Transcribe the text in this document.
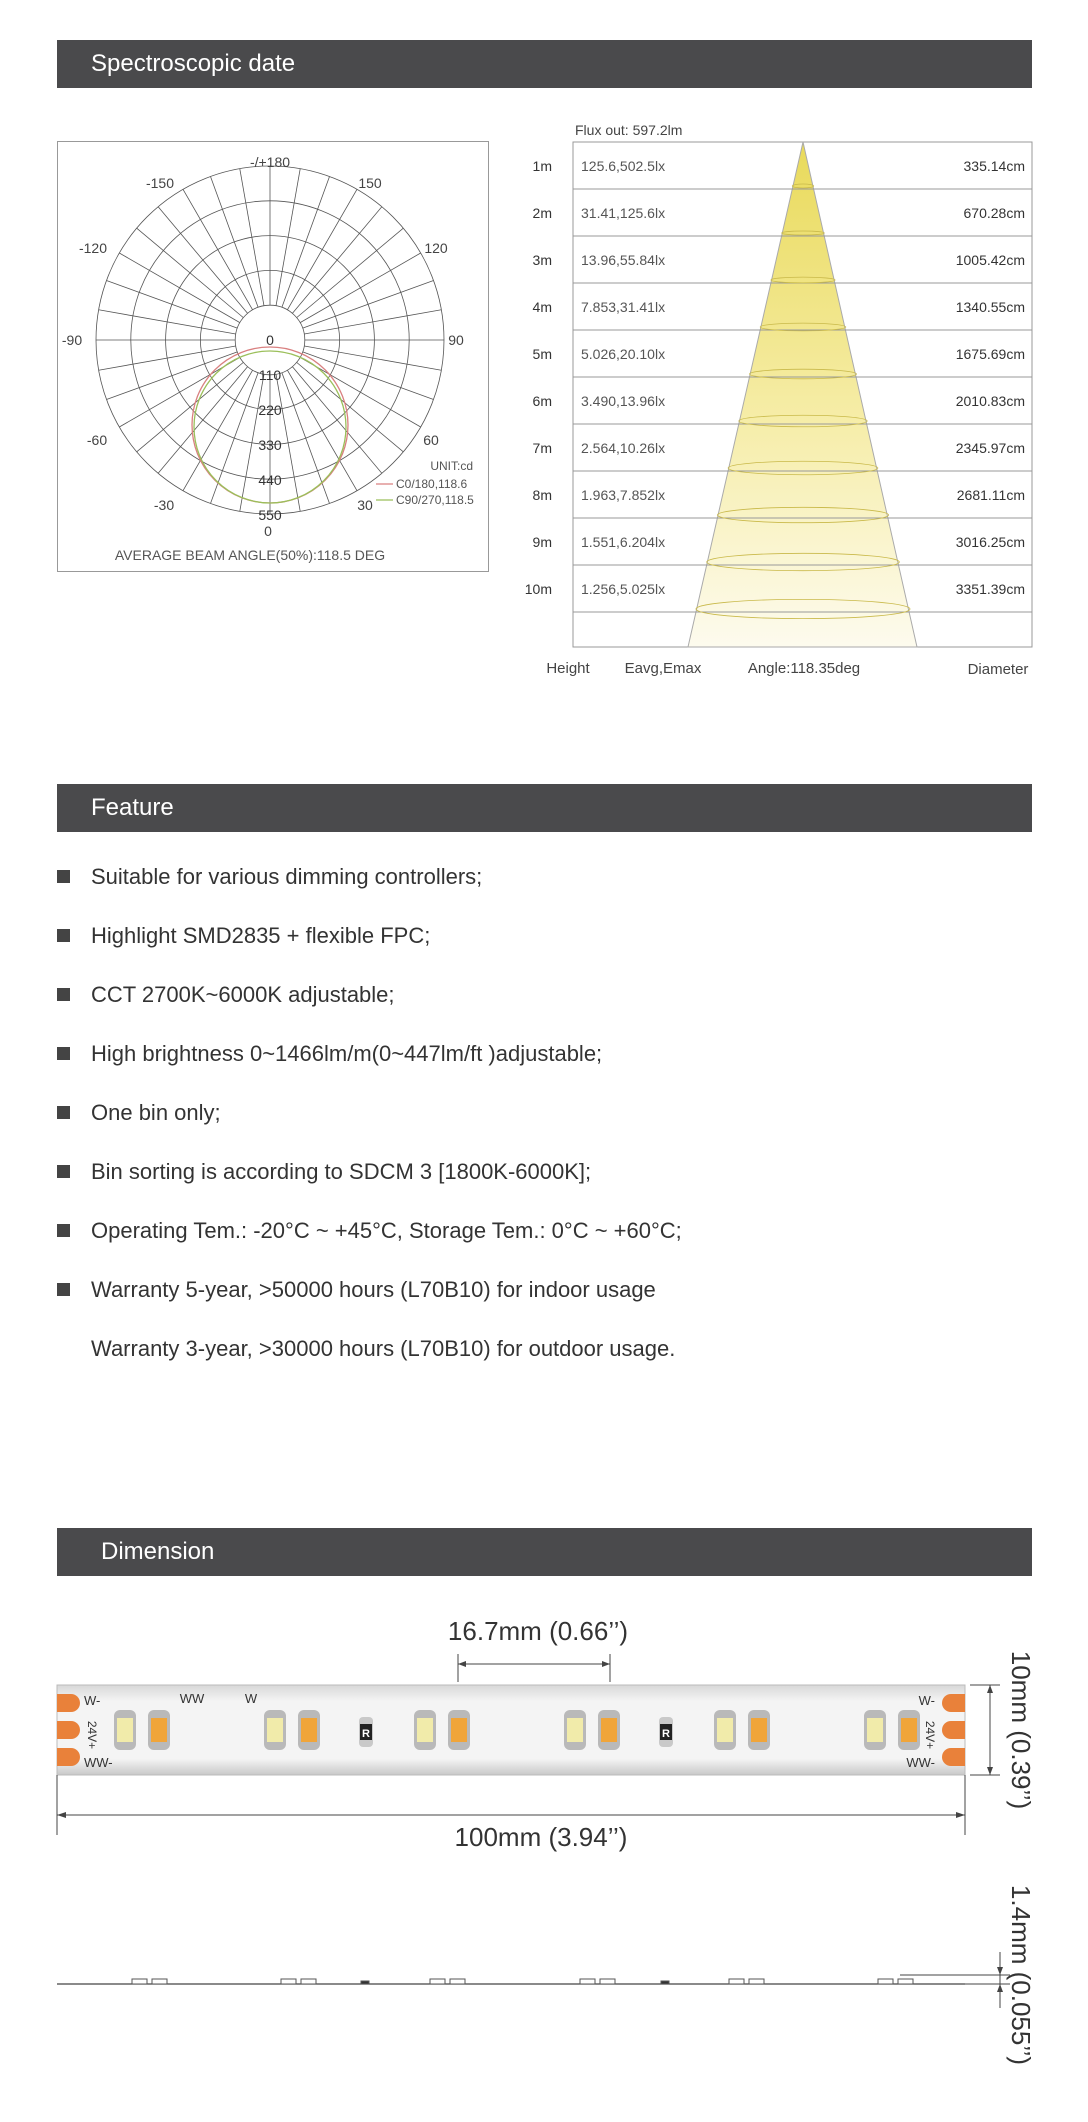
Spectroscopic date
-/+180
-150	150
-120	120
-90	90
-60	60
-30	30
0
0
110
220
330
440
550
UNIT:cd
C0/180,118.6
C90/270,118.5
AVERAGE BEAM ANGLE(50%):118.5 DEG
1m 125.6,502.5lx	335.14cm
2m 31.41,125.6lx	670.28cm
3m 13.96,55.84lx	1005.42cm
4m 7.853,31.41lx	1340.55cm
5m 5.026,20.10lx	1675.69cm
6m 3.490,13.96lx	2010.83cm
7m 2.564,10.26lx	2345.97cm
8m 1.963,7.852lx	2681.11cm
9m 1.551,6.204lx	3016.25cm
10m 1.256,5.025lx	3351.39cm
Flux out: 597.2lm
Height Eavg,Emax	Angle:118.35deg	Diameter
Feature
Suitable for various dimming controllers;
Highlight SMD2835 + flexible FPC;
CCT 2700K~6000K adjustable;
High brightness 0~1466lm/m(0~447lm/ft )adjustable;
One bin only;
Bin sorting is according to SDCM 3 [1800K-6000K];
Operating Tem.: -20°C ~ +45°C, Storage Tem.: 0°C ~ +60°C;
Warranty 5-year, >50000 hours (L70B10) for indoor usage
Warranty 3-year, >30000 hours (L70B10) for outdoor usage.
Dimension
16.7mm (0.66’’)
W-
WW-
24V+
W-
WW-
24V+
WW	W
R	R	10mm (0.39’’)
100mm (3.94’’)
1.4mm (0.055’’)
